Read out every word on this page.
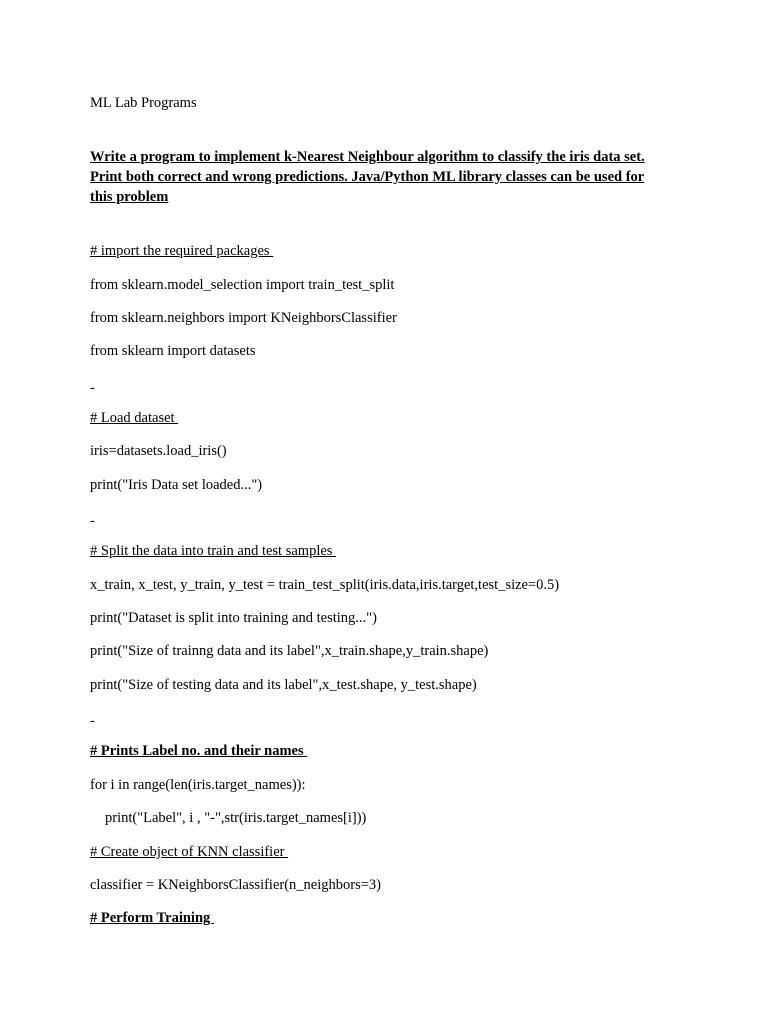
ML Lab Programs
Write a program to implement k-Nearest Neighbour algorithm to classify the iris data set.
Print both correct and wrong predictions. Java/Python ML library classes can be used for
this problem
# import the required packages
from sklearn.model_selection import train_test_split
from sklearn.neighbors import KNeighborsClassifier
from sklearn import datasets
-
# Load dataset
iris=datasets.load_iris()
print("Iris Data set loaded...")
-
# Split the data into train and test samples
x_train, x_test, y_train, y_test = train_test_split(iris.data,iris.target,test_size=0.5)
print("Dataset is split into training and testing...")
print("Size of trainng data and its label",x_train.shape,y_train.shape)
print("Size of testing data and its label",x_test.shape, y_test.shape)
-
# Prints Label no. and their names
for i in range(len(iris.target_names)):
print("Label", i , "-",str(iris.target_names[i]))
# Create object of KNN classifier
classifier = KNeighborsClassifier(n_neighbors=3)
# Perform Training
